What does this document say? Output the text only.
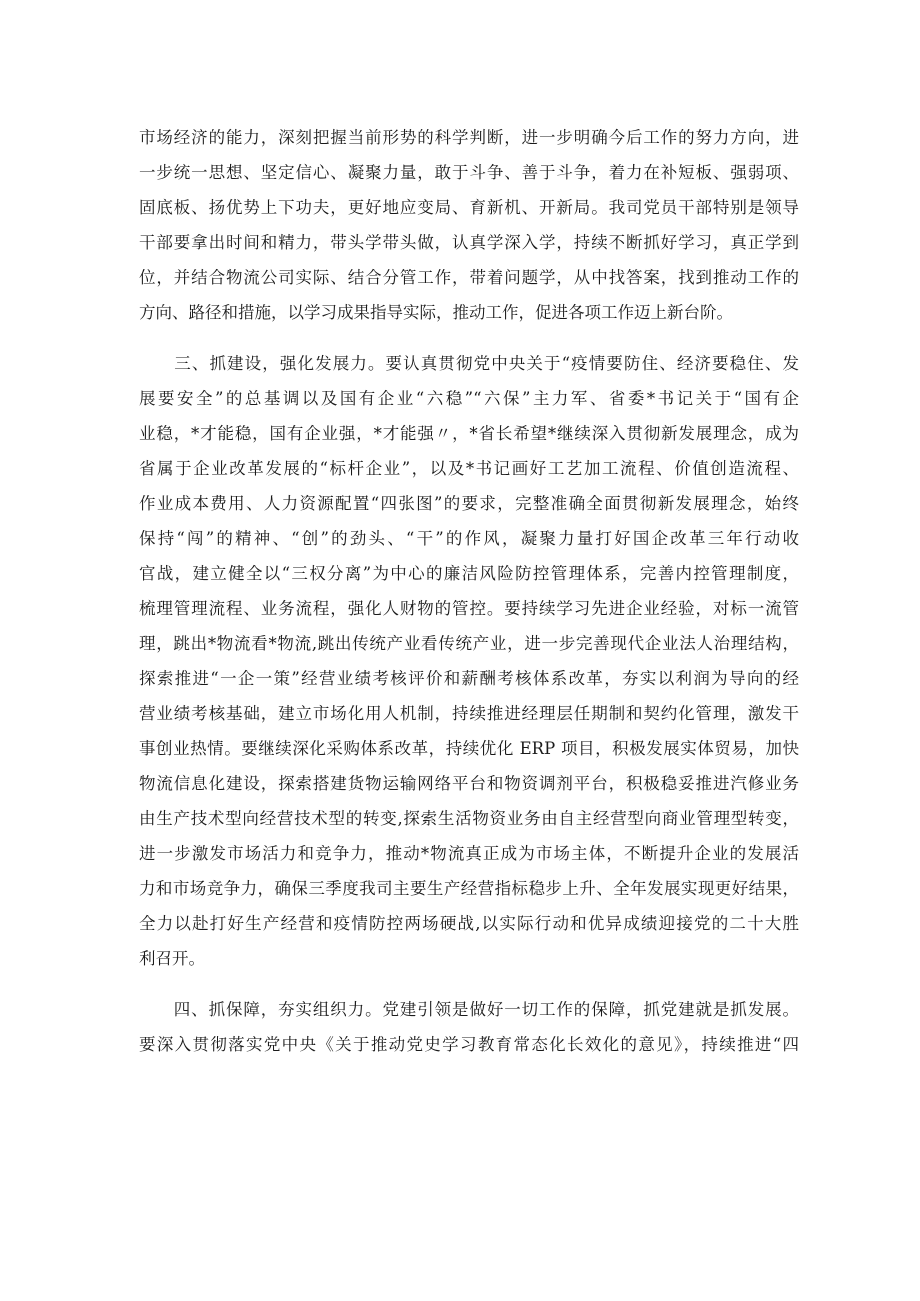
市场经济的能力，深刻把握当前形势的科学判断，进一步明确今后工作的努力方向，进
一步统一思想、坚定信心、凝聚力量，敢于斗争、善于斗争，着力在补短板、强弱项、
固底板、扬优势上下功夫，更好地应变局、育新机、开新局。我司党员干部特别是领导
干部要拿出时间和精力，带头学带头做，认真学深入学，持续不断抓好学习，真正学到
位，并结合物流公司实际、结合分管工作，带着问题学，从中找答案，找到推动工作的
方向、路径和措施，以学习成果指导实际，推动工作，促进各项工作迈上新台阶。
　　三、抓建设，强化发展力。要认真贯彻党中央关于“疫情要防住、经济要稳住、发
展要安全”的总基调以及国有企业“六稳”“六保”主力军、省委*书记关于“国有企
业稳，*才能稳，国有企业强，*才能强〃，*省长希望*继续深入贯彻新发展理念，成为
省属于企业改革发展的“标杆企业”，以及*书记画好工艺加工流程、价值创造流程、
作业成本费用、人力资源配置“四张图”的要求，完整准确全面贯彻新发展理念，始终
保持“闯”的精神、“创”的劲头、“干”的作风，凝聚力量打好国企改革三年行动收
官战，建立健全以“三权分离”为中心的廉洁风险防控管理体系，完善内控管理制度，
梳理管理流程、业务流程，强化人财物的管控。要持续学习先进企业经验，对标一流管
理，跳出*物流看*物流,跳出传统产业看传统产业，进一步完善现代企业法人治理结构，
探索推进“一企一策”经营业绩考核评价和薪酬考核体系改革，夯实以利润为导向的经
营业绩考核基础，建立市场化用人机制，持续推进经理层任期制和契约化管理，激发干
事创业热情。要继续深化采购体系改革，持续优化 ERP 项目，积极发展实体贸易，加快
物流信息化建设，探索搭建货物运输网络平台和物资调剂平台，积极稳妥推进汽修业务
由生产技术型向经营技术型的转变,探索生活物资业务由自主经营型向商业管理型转变，
进一步激发市场活力和竞争力，推动*物流真正成为市场主体，不断提升企业的发展活
力和市场竞争力，确保三季度我司主要生产经营指标稳步上升、全年发展实现更好结果，
全力以赴打好生产经营和疫情防控两场硬战,以实际行动和优异成绩迎接党的二十大胜
利召开。
　　四、抓保障，夯实组织力。党建引领是做好一切工作的保障，抓党建就是抓发展。
要深入贯彻落实党中央《关于推动党史学习教育常态化长效化的意见》，持续推进“四
